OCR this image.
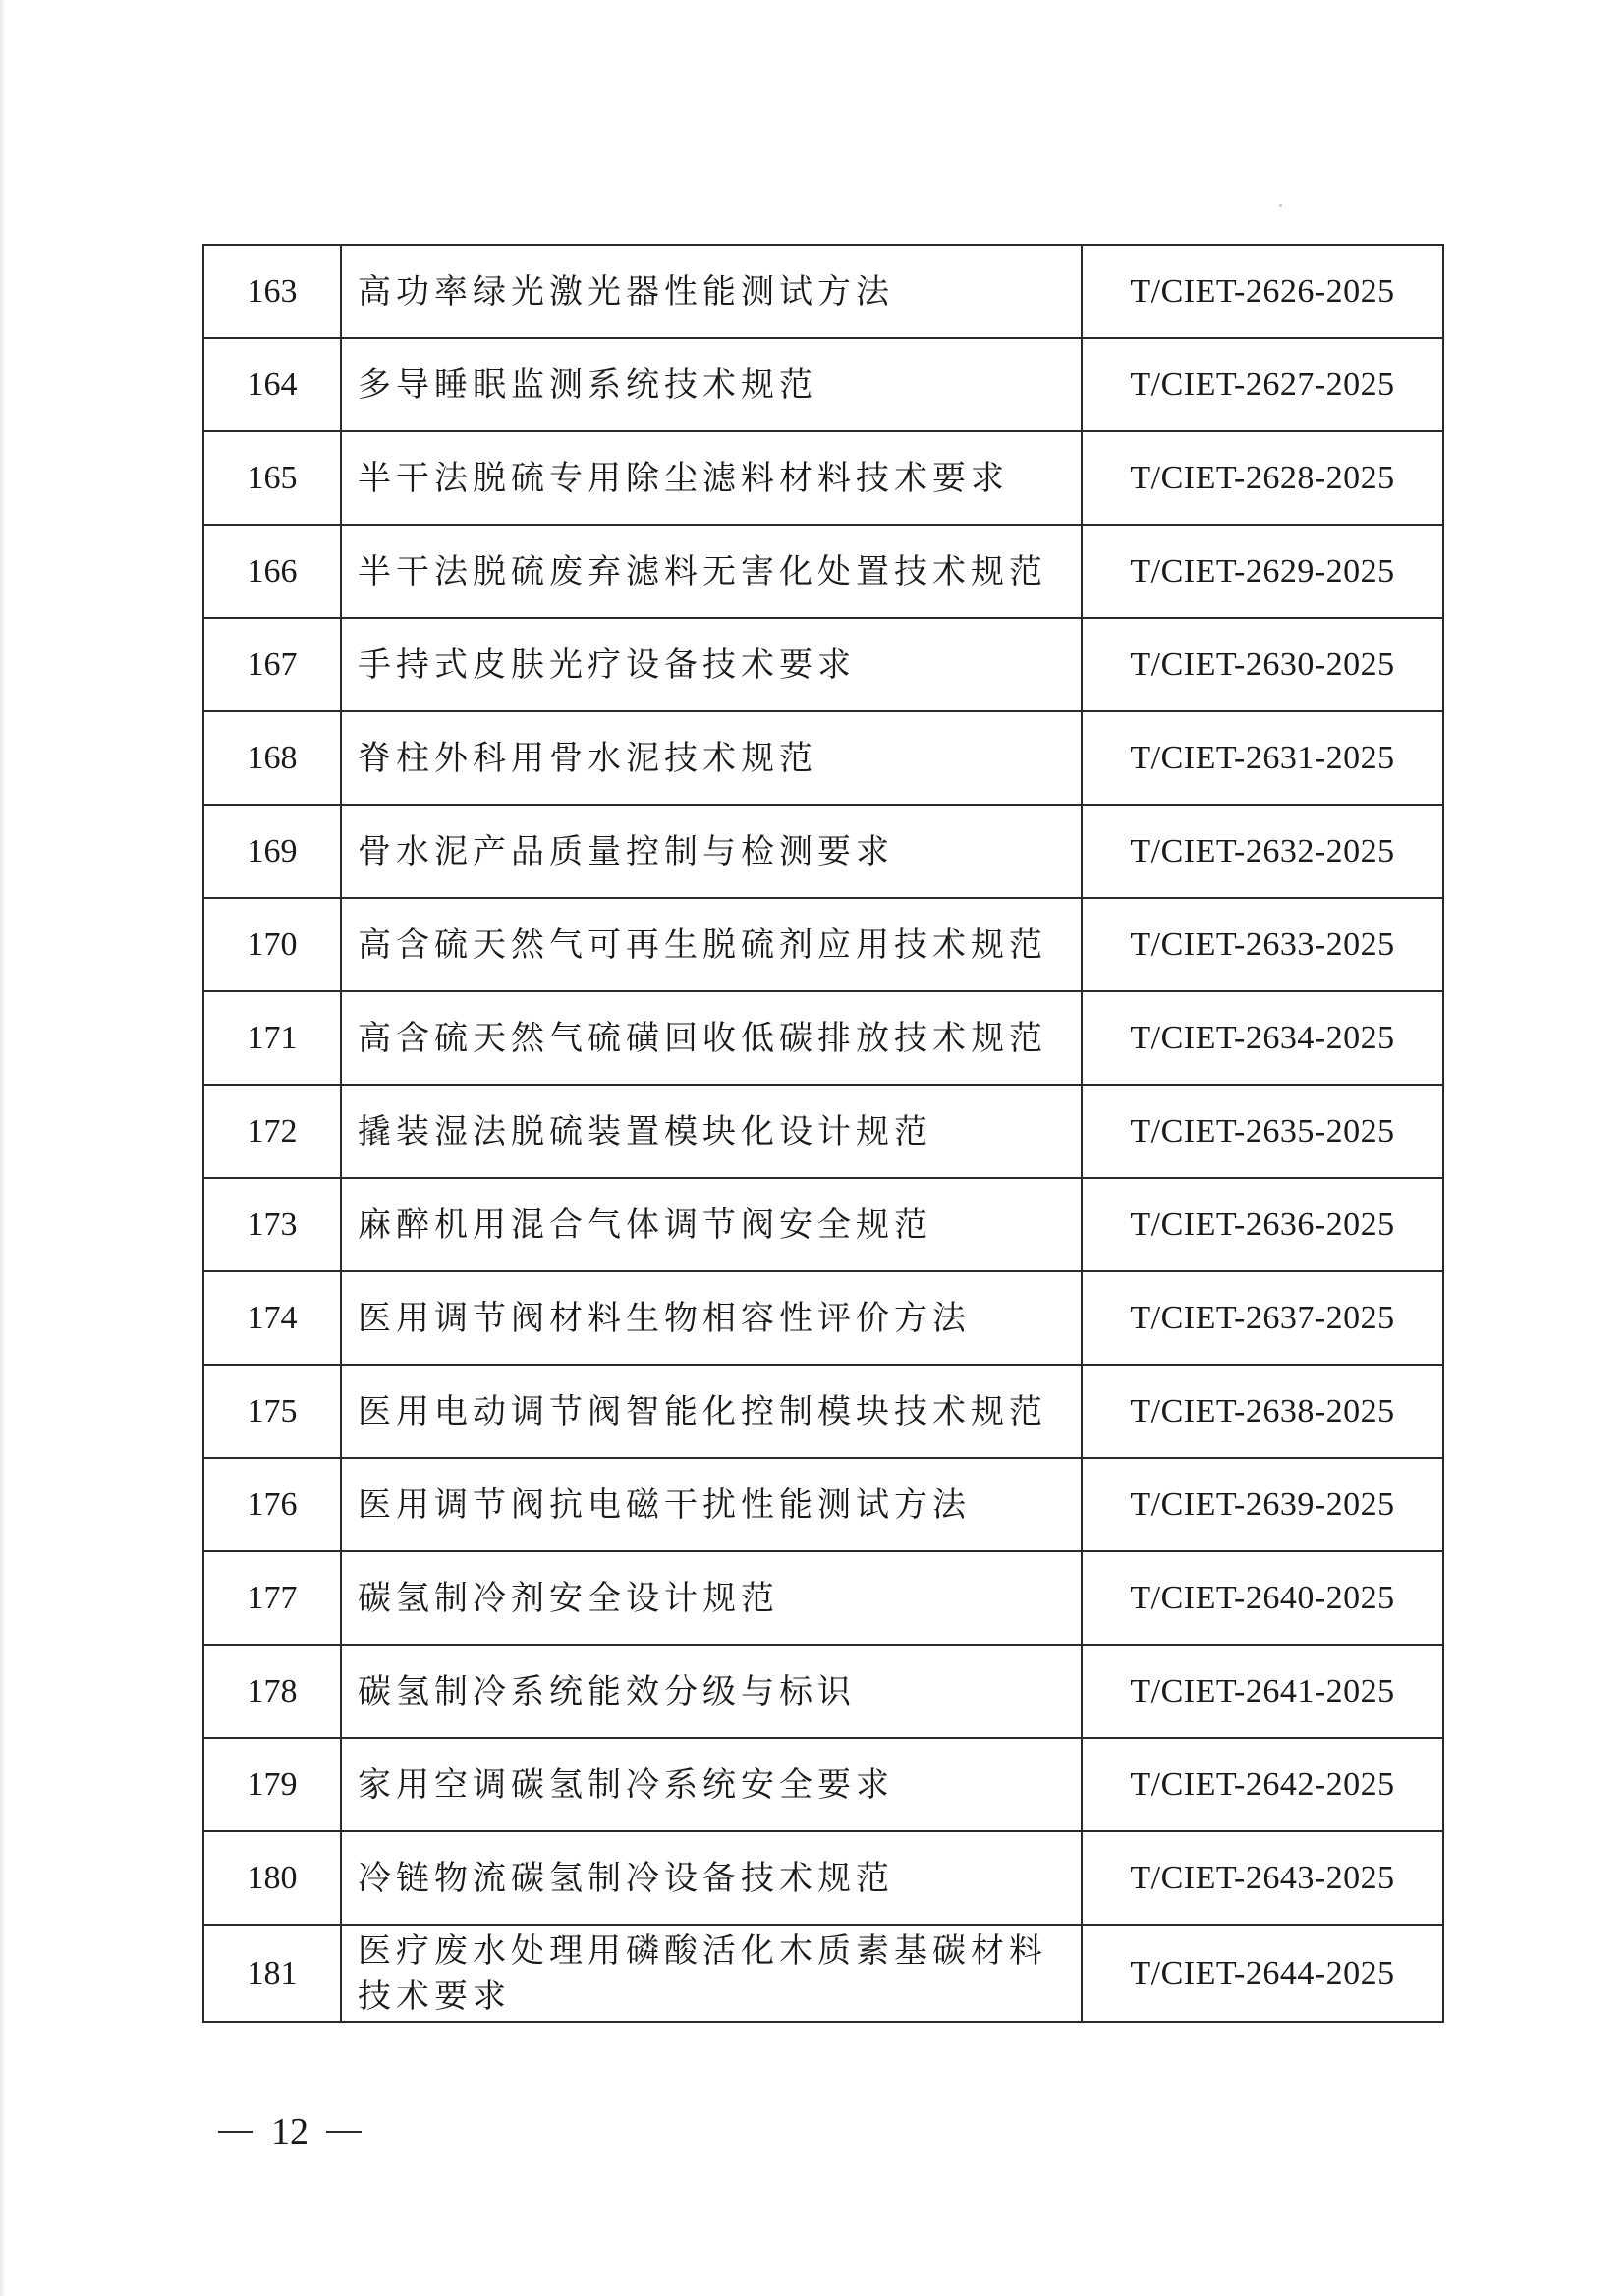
163	高功率绿光激光器性能测试方法	T/CIET-2626-2025
164	多导睡眠监测系统技术规范	T/CIET-2627-2025
165	半干法脱硫专用除尘滤料材料技术要求	T/CIET-2628-2025
166	半干法脱硫废弃滤料无害化处置技术规范	T/CIET-2629-2025
167	手持式皮肤光疗设备技术要求	T/CIET-2630-2025
168	脊柱外科用骨水泥技术规范	T/CIET-2631-2025
169	骨水泥产品质量控制与检测要求	T/CIET-2632-2025
170	高含硫天然气可再生脱硫剂应用技术规范	T/CIET-2633-2025
171	高含硫天然气硫磺回收低碳排放技术规范	T/CIET-2634-2025
172	撬装湿法脱硫装置模块化设计规范	T/CIET-2635-2025
173	麻醉机用混合气体调节阀安全规范	T/CIET-2636-2025
174	医用调节阀材料生物相容性评价方法	T/CIET-2637-2025
175	医用电动调节阀智能化控制模块技术规范	T/CIET-2638-2025
176	医用调节阀抗电磁干扰性能测试方法	T/CIET-2639-2025
177	碳氢制冷剂安全设计规范	T/CIET-2640-2025
178	碳氢制冷系统能效分级与标识	T/CIET-2641-2025
179	家用空调碳氢制冷系统安全要求	T/CIET-2642-2025
180	冷链物流碳氢制冷设备技术规范	T/CIET-2643-2025
181	医疗废水处理用磷酸活化木质素基碳材料技术要求	T/CIET-2644-2025
12
